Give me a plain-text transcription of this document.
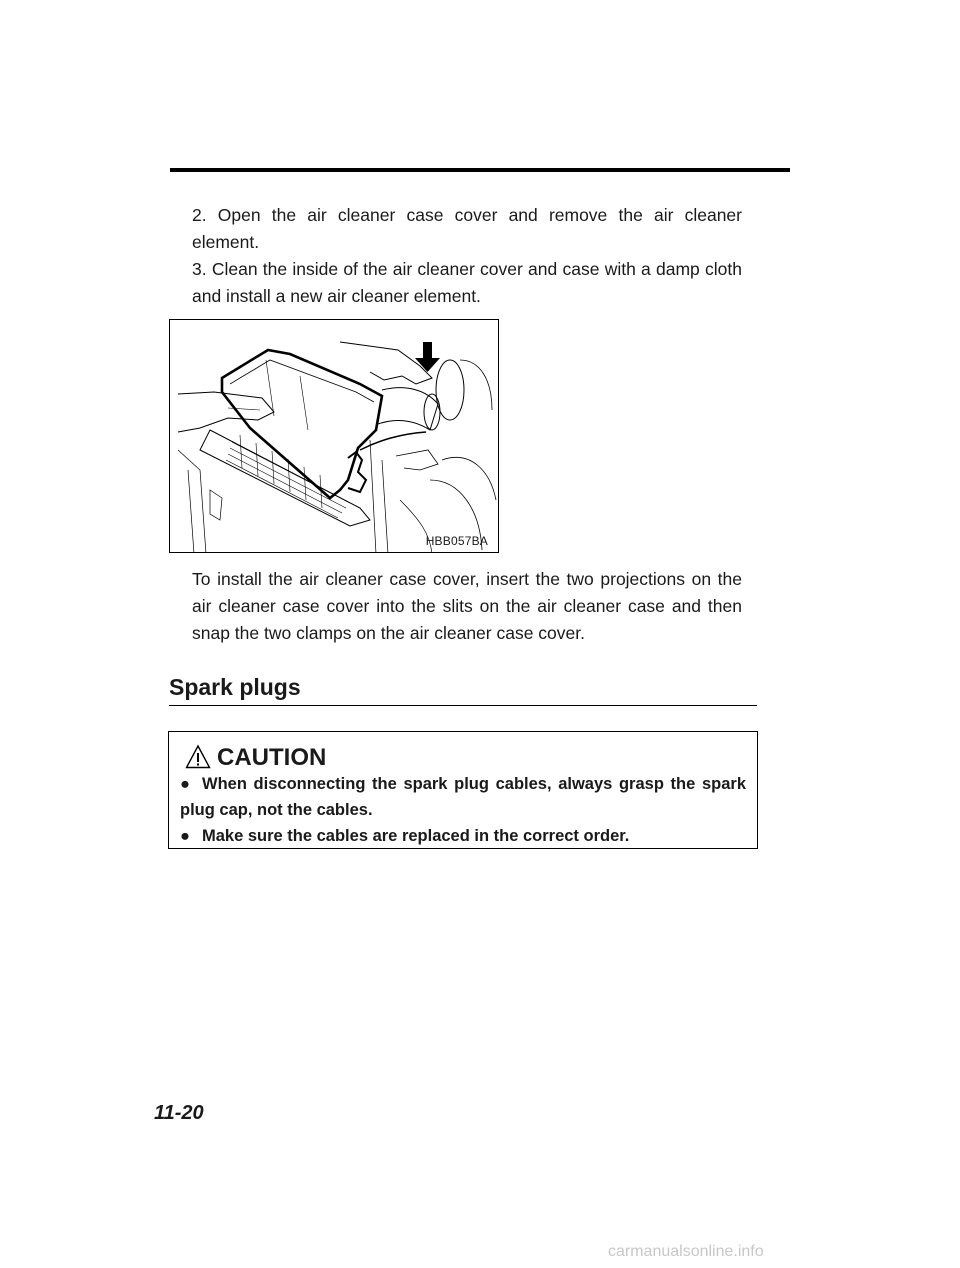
2. Open the air cleaner case cover and remove the air cleaner element.
3. Clean the inside of the air cleaner cover and case with a damp cloth and install a new air cleaner element.
HBB057BA
To install the air cleaner case cover, insert the two projections on the air cleaner case cover into the slits on the air cleaner case and then snap the two clamps on the air cleaner case cover.
Spark plugs
CAUTION

● When disconnecting the spark plug cables, always grasp the spark plug cap, not the cables.

● Make sure the cables are replaced in the correct order.

11-20
carmanualsonline.info
